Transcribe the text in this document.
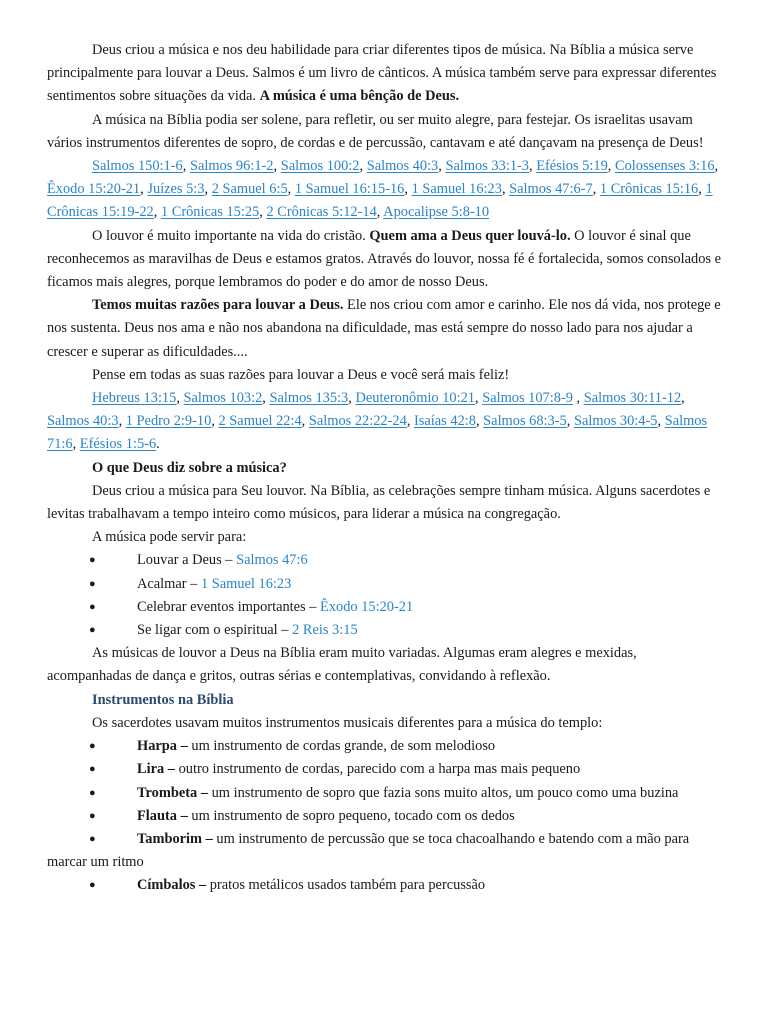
Deus criou a música e nos deu habilidade para criar diferentes tipos de música. Na Bíblia a música serve principalmente para louvar a Deus. Salmos é um livro de cânticos. A música também serve para expressar diferentes sentimentos sobre situações da vida. A música é uma bênção de Deus.

A música na Bíblia podia ser solene, para refletir, ou ser muito alegre, para festejar. Os israelitas usavam vários instrumentos diferentes de sopro, de cordas e de percussão, cantavam e até dançavam na presença de Deus!

Salmos 150:1-6, Salmos 96:1-2, Salmos 100:2, Salmos 40:3, Salmos 33:1-3, Efésios 5:19, Colossenses 3:16, Êxodo 15:20-21, Juízes 5:3, 2 Samuel 6:5, 1 Samuel 16:15-16, 1 Samuel 16:23, Salmos 47:6-7, 1 Crônicas 15:16, 1 Crônicas 15:19-22, 1 Crônicas 15:25, 2 Crônicas 5:12-14, Apocalipse 5:8-10

O louvor é muito importante na vida do cristão. Quem ama a Deus quer louvá-lo. O louvor é sinal que reconhecemos as maravilhas de Deus e estamos gratos. Através do louvor, nossa fé é fortalecida, somos consolados e ficamos mais alegres, porque lembramos do poder e do amor de nosso Deus.

Temos muitas razões para louvar a Deus. Ele nos criou com amor e carinho. Ele nos dá vida, nos protege e nos sustenta. Deus nos ama e não nos abandona na dificuldade, mas está sempre do nosso lado para nos ajudar a crescer e superar as dificuldades....

Pense em todas as suas razões para louvar a Deus e você será mais feliz!

Hebreus 13:15, Salmos 103:2, Salmos 135:3, Deuteronômio 10:21, Salmos 107:8-9 , Salmos 30:11-12, Salmos 40:3, 1 Pedro 2:9-10, 2 Samuel 22:4, Salmos 22:22-24, Isaías 42:8, Salmos 68:3-5, Salmos 30:4-5, Salmos 71:6, Efésios 1:5-6.

O que Deus diz sobre a música?

Deus criou a música para Seu louvor. Na Bíblia, as celebrações sempre tinham música. Alguns sacerdotes e levitas trabalhavam a tempo inteiro como músicos, para liderar a música na congregação.

A música pode servir para:

●	Louvar a Deus – Salmos 47:6
●	Acalmar – 1 Samuel 16:23
●	Celebrar eventos importantes – Êxodo 15:20-21
●	Se ligar com o espiritual – 2 Reis 3:15

As músicas de louvor a Deus na Bíblia eram muito variadas. Algumas eram alegres e mexidas, acompanhadas de dança e gritos, outras sérias e contemplativas, convidando à reflexão.

Instrumentos na Bíblia

Os sacerdotes usavam muitos instrumentos musicais diferentes para a música do templo:

●	Harpa – um instrumento de cordas grande, de som melodioso
●	Lira – outro instrumento de cordas, parecido com a harpa mas mais pequeno
●	Trombeta – um instrumento de sopro que fazia sons muito altos, um pouco como uma buzina
●	Flauta – um instrumento de sopro pequeno, tocado com os dedos
●	Tamborim – um instrumento de percussão que se toca chacoalhando e batendo com a mão para marcar um ritmo
●	Címbalos – pratos metálicos usados também para percussão
